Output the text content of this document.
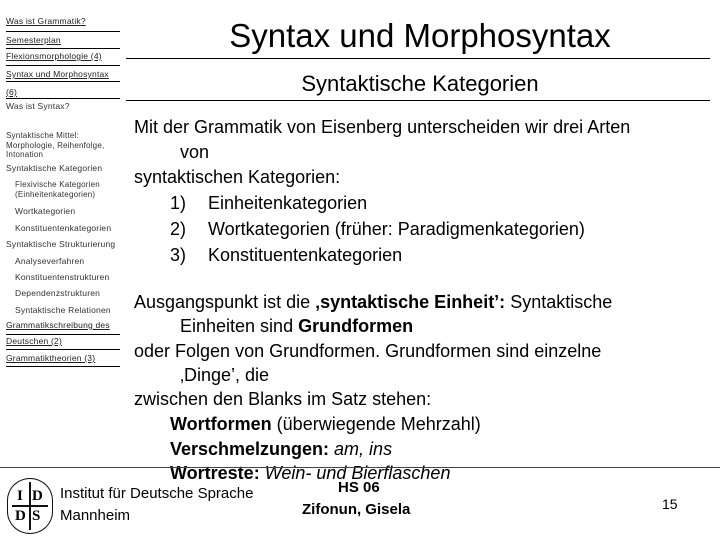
Was ist Grammatik?
Semesterplan
Flexionsmorphologie (4)
Syntax und Morphosyntax
(6)
Was ist Syntax?
Syntaktische Mittel: Morphologie, Reihenfolge, Intonation
Syntaktische Kategorien
Flexivische Kategorien (Einheitenkategorien)
Wortkategorien
Konstituentenkategorien
Syntaktische Strukturierung
Analyseverfahren
Konstituentenstrukturen
Dependenzstrukturen
Syntaktische Relationen
Grammatikschreibung des
Deutschen (2)
Grammatiktheorien (3)
Syntax und Morphosyntax
Syntaktische Kategorien
Mit der Grammatik von Eisenberg unterscheiden wir drei Arten
von
syntaktischen Kategorien:
1) Einheitenkategorien
2) Wortkategorien (früher: Paradigmenkategorien)
3) Konstituentenkategorien
Ausgangspunkt ist die ‚syntaktische Einheit’: Syntaktische
Einheiten sind Grundformen
oder Folgen von Grundformen. Grundformen sind einzelne
‚Dinge’, die
zwischen den Blanks im Satz stehen:
Wortformen (überwiegende Mehrzahl)
Verschmelzungen: am, ins
Wortreste: Wein- und Bierflaschen
I D
D S
Institut für Deutsche Sprache
Mannheim
HS 06
Zifonun, Gisela	15
